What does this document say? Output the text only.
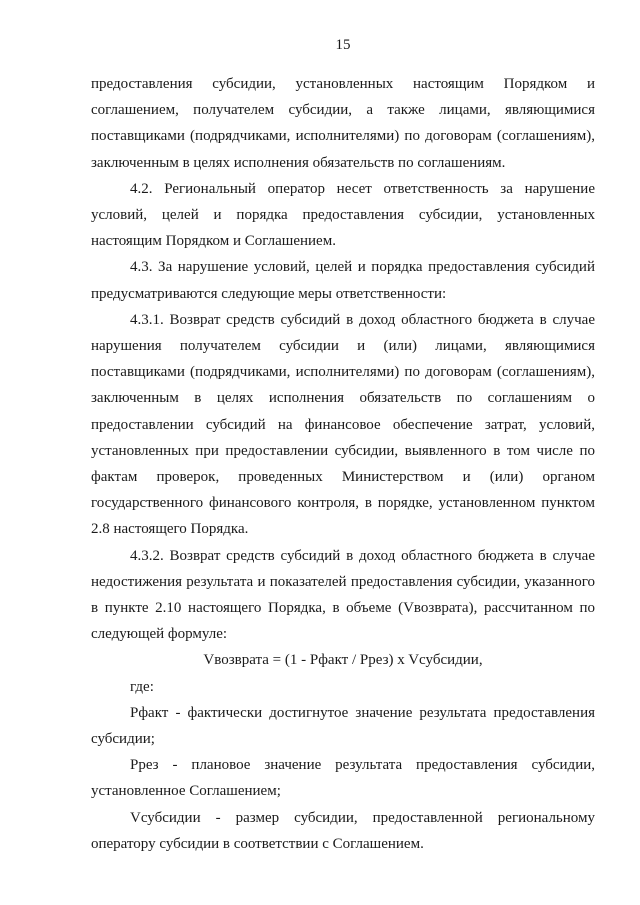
15

предоставления субсидии, установленных настоящим Порядком и соглашением, получателем субсидии, а также лицами, являющимися поставщиками (подрядчиками, исполнителями) по договорам (соглашениям), заключенным в целях исполнения обязательств по соглашениям.

4.2. Региональный оператор несет ответственность за нарушение условий, целей и порядка предоставления субсидии, установленных настоящим Порядком и Соглашением.

4.3. За нарушение условий, целей и порядка предоставления субсидий предусматриваются следующие меры ответственности:

4.3.1. Возврат средств субсидий в доход областного бюджета в случае нарушения получателем субсидии и (или) лицами, являющимися поставщиками (подрядчиками, исполнителями) по договорам (соглашениям), заключенным в целях исполнения обязательств по соглашениям о предоставлении субсидий на финансовое обеспечение затрат, условий, установленных при предоставлении субсидии, выявленного в том числе по фактам проверок, проведенных Министерством и (или) органом государственного финансового контроля, в порядке, установленном пунктом 2.8 настоящего Порядка.

4.3.2. Возврат средств субсидий в доход областного бюджета в случае недостижения результата и показателей предоставления субсидии, указанного в пункте 2.10 настоящего Порядка, в объеме (Vвозврата), рассчитанном по следующей формуле:

Vвозврата = (1 - Рфакт / Ррез) x Vсубсидии,

где:

Рфакт - фактически достигнутое значение результата предоставления субсидии;

Ррез - плановое значение результата предоставления субсидии, установленное Соглашением;

Vсубсидии - размер субсидии, предоставленной региональному оператору субсидии в соответствии с Соглашением.
